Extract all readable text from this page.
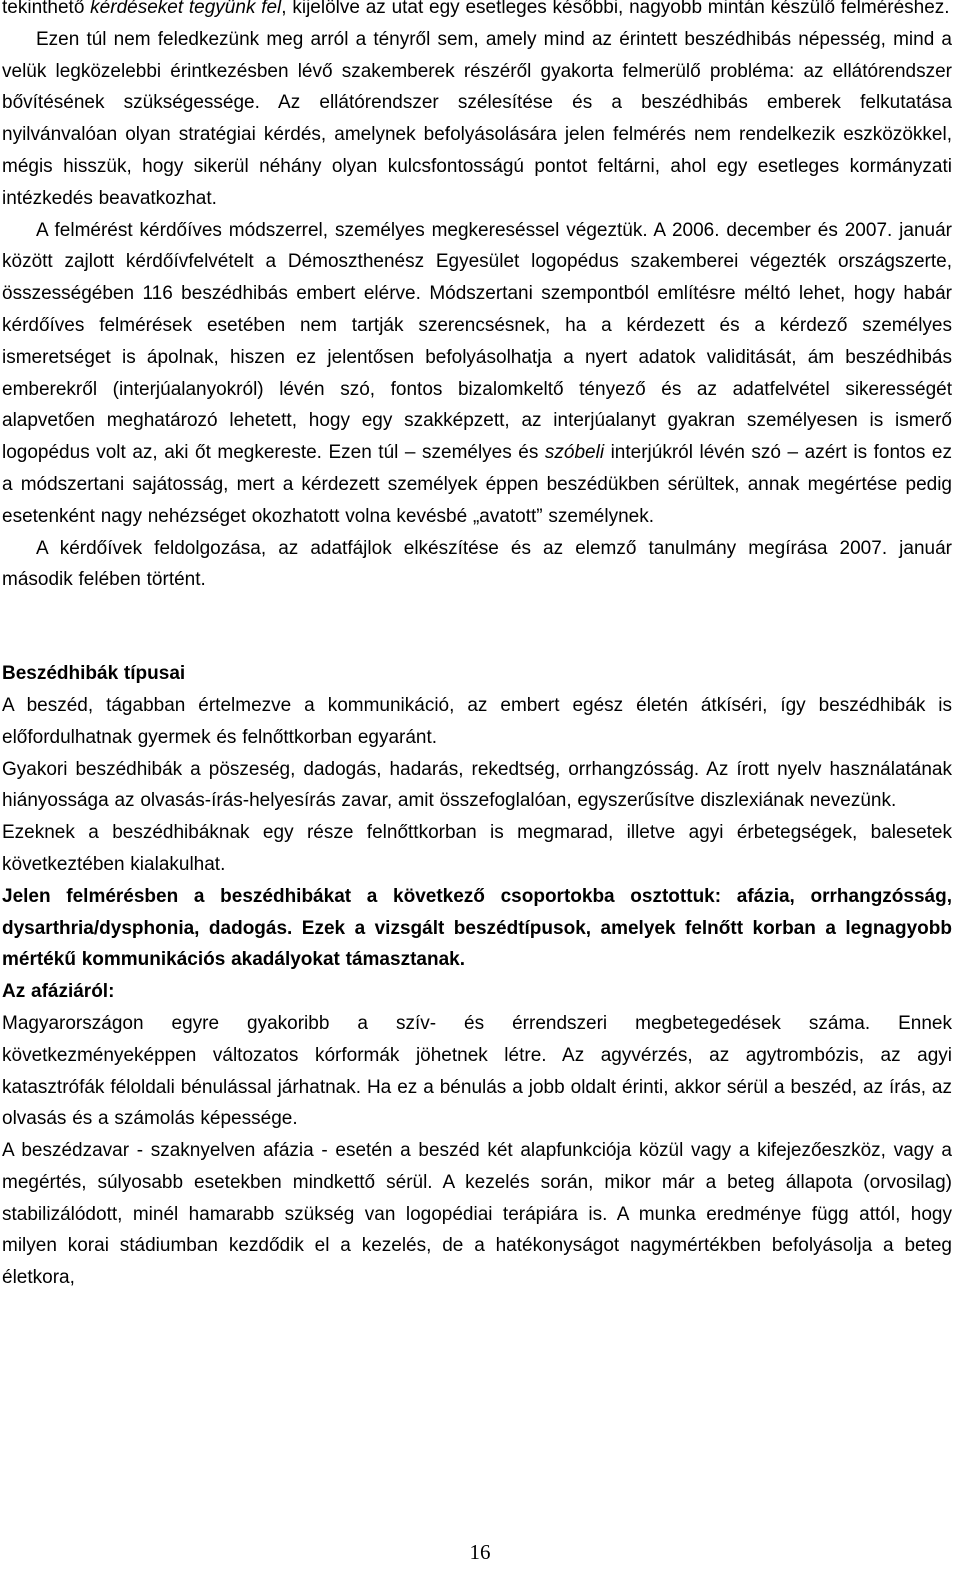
tekinthető kérdéseket tegyünk fel, kijelölve az utat egy esetleges későbbi, nagyobb mintán készülő felméréshez.

Ezen túl nem feledkezünk meg arról a tényről sem, amely mind az érintett beszédhibás népesség, mind a velük legközelebbi érintkezésben lévő szakemberek részéről gyakorta felmerülő probléma: az ellátórendszer bővítésének szükségessége. Az ellátórendszer szélesítése és a beszédhibás emberek felkutatása nyilvánvalóan olyan stratégiai kérdés, amelynek befolyásolására jelen felmérés nem rendelkezik eszközökkel, mégis hisszük, hogy sikerül néhány olyan kulcsfontosságú pontot feltárni, ahol egy esetleges kormányzati intézkedés beavatkozhat.

A felmérést kérdőíves módszerrel, személyes megkereséssel végeztük. A 2006. december és 2007. január között zajlott kérdőívfelvételt a Démoszthenész Egyesület logopédus szakemberei végezték országszerte, összességében 116 beszédhibás embert elérve. Módszertani szempontból említésre méltó lehet, hogy habár kérdőíves felmérések esetében nem tartják szerencsésnek, ha a kérdezett és a kérdező személyes ismeretséget is ápolnak, hiszen ez jelentősen befolyásolhatja a nyert adatok validitását, ám beszédhibás emberekről (interjúalanyokról) lévén szó, fontos bizalomkeltő tényező és az adatfelvétel sikerességét alapvetően meghatározó lehetett, hogy egy szakképzett, az interjúalanyt gyakran személyesen is ismerő logopédus volt az, aki őt megkereste. Ezen túl – személyes és szóbeli interjúkról lévén szó – azért is fontos ez a módszertani sajátosság, mert a kérdezett személyek éppen beszédükben sérültek, annak megértése pedig esetenként nagy nehézséget okozhatott volna kevésbé „avatott” személynek.

A kérdőívek feldolgozása, az adatfájlok elkészítése és az elemző tanulmány megírása 2007. január második felében történt.

Beszédhibák típusai

A beszéd, tágabban értelmezve a kommunikáció, az embert egész életén átkíséri, így beszédhibák is előfordulhatnak gyermek és felnőttkorban egyaránt.

Gyakori beszédhibák a pöszeség, dadogás, hadarás, rekedtség, orrhangzósság. Az írott nyelv használatának hiányossága az olvasás-írás-helyesírás zavar, amit összefoglalóan, egyszerűsítve diszlexiának nevezünk.

Ezeknek a beszédhibáknak egy része felnőttkorban is megmarad, illetve agyi érbetegségek, balesetek következtében kialakulhat.

Jelen felmérésben a beszédhibákat a következő csoportokba osztottuk: afázia, orrhangzósság, dysarthria/dysphonia, dadogás. Ezek a vizsgált beszédtípusok, amelyek felnőtt korban a legnagyobb mértékű kommunikációs akadályokat támasztanak.

Az afáziáról:

Magyarországon egyre gyakoribb a szív- és érrendszeri megbetegedések száma. Ennek következményeképpen változatos kórformák jöhetnek létre. Az agyvérzés, az agytrombózis, az agyi katasztrófák féloldali bénulással járhatnak. Ha ez a bénulás a jobb oldalt érinti, akkor sérül a beszéd, az írás, az olvasás és a számolás képessége.

A beszédzavar - szaknyelven afázia - esetén a beszéd két alapfunkciója közül vagy a kifejezőeszköz, vagy a megértés, súlyosabb esetekben mindkettő sérül. A kezelés során, mikor már a beteg állapota (orvosilag) stabilizálódott, minél hamarabb szükség van logopédiai terápiára is. A munka eredménye függ attól, hogy milyen korai stádiumban kezdődik el a kezelés, de a hatékonyságot nagymértékben befolyásolja a beteg életkora,

16
